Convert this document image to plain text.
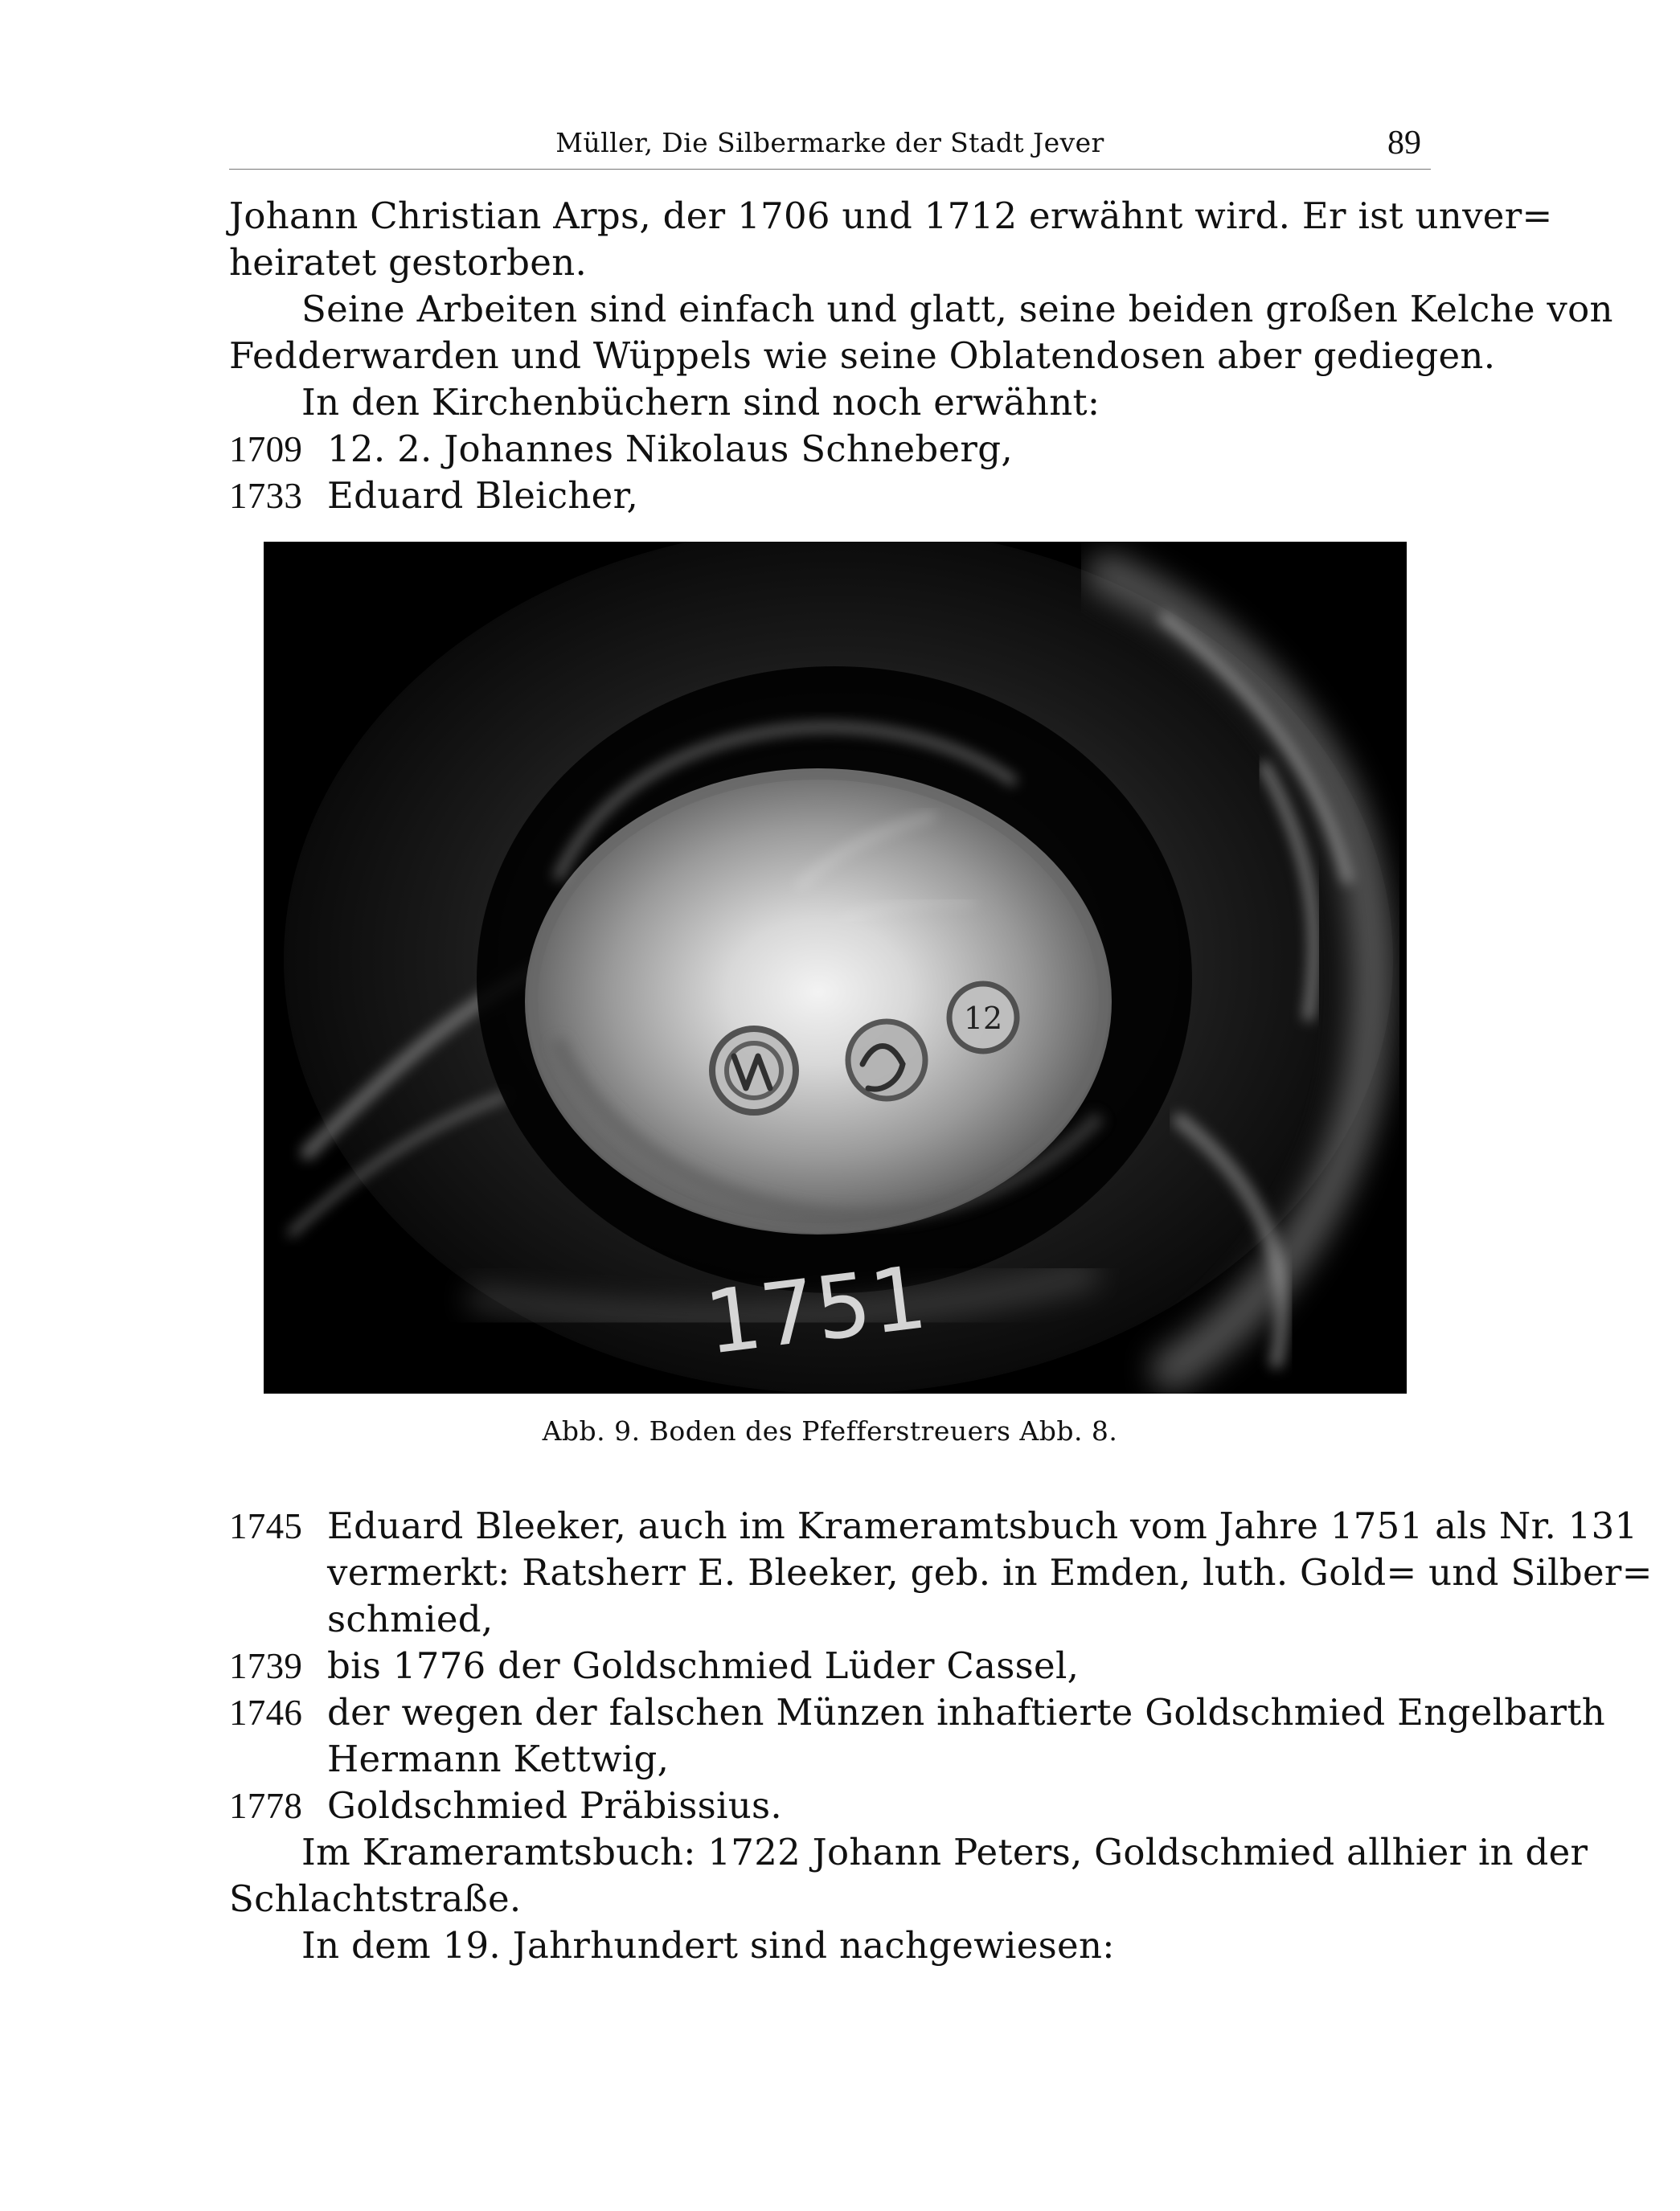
Müller, Die Silbermarke der Stadt Jever	89
Johann Christian Arps, der 1706 und 1712 erwähnt wird. Er ist unver=
heiratet gestorben.
Seine Arbeiten sind einfach und glatt, seine beiden großen Kelche von
Fedderwarden und Wüppels wie seine Oblatendosen aber gediegen.
In den Kirchenbüchern sind noch erwähnt:
1709 12. 2. Johannes Nikolaus Schneberg,
1733 Eduard Bleicher,
12
1751
Abb. 9. Boden des Pfefferstreuers Abb. 8.
1745 Eduard Bleeker, auch im Krameramtsbuch vom Jahre 1751 als Nr. 131
vermerkt: Ratsherr E. Bleeker, geb. in Emden, luth. Gold= und Silber=
schmied,
1739 bis 1776 der Goldschmied Lüder Cassel,
1746 der wegen der falschen Münzen inhaftierte Goldschmied Engelbarth
Hermann Kettwig,
1778 Goldschmied Präbissius.
Im Krameramtsbuch: 1722 Johann Peters, Goldschmied allhier in der
Schlachtstraße.
In dem 19. Jahrhundert sind nachgewiesen:
